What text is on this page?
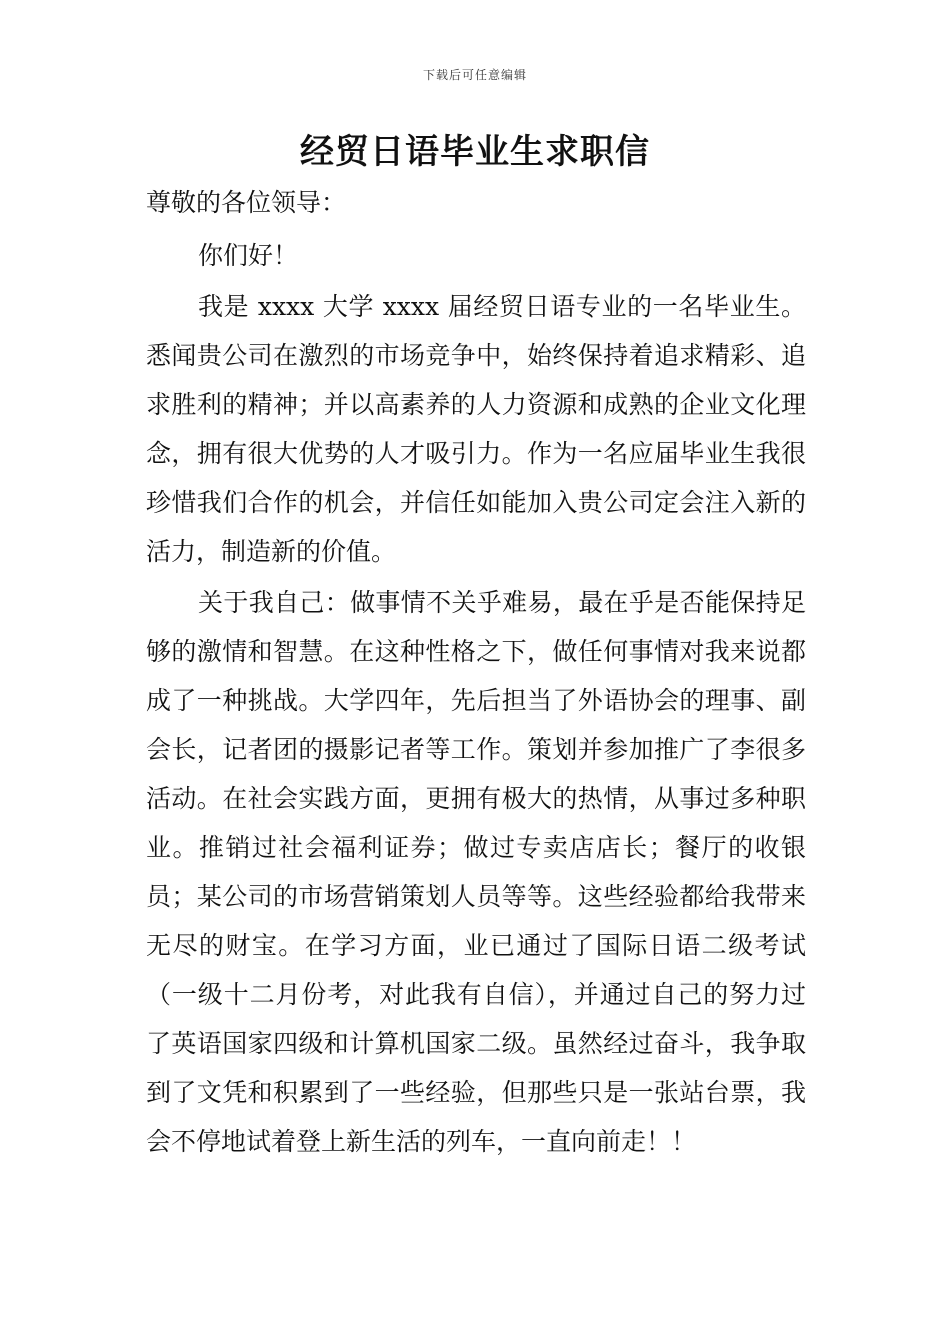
下载后可任意编辑
经贸日语毕业生求职信

尊敬的各位领导：

你们好！

我是 xxxx 大学 xxxx 届经贸日语专业的一名毕业生。悉闻贵公司在激烈的市场竞争中，始终保持着追求精彩、追求胜利的精神；并以高素养的人力资源和成熟的企业文化理念，拥有很大优势的人才吸引力。作为一名应届毕业生我很珍惜我们合作的机会，并信任如能加入贵公司定会注入新的活力，制造新的价值。

关于我自己：做事情不关乎难易，最在乎是否能保持足够的激情和智慧。在这种性格之下，做任何事情对我来说都成了一种挑战。大学四年，先后担当了外语协会的理事、副会长，记者团的摄影记者等工作。策划并参加推广了李很多活动。在社会实践方面，更拥有极大的热情，从事过多种职业。推销过社会福利证券；做过专卖店店长；餐厅的收银员；某公司的市场营销策划人员等等。这些经验都给我带来无尽的财宝。在学习方面，业已通过了国际日语二级考试（一级十二月份考，对此我有自信），并通过自己的努力过了英语国家四级和计算机国家二级。虽然经过奋斗，我争取到了文凭和积累到了一些经验，但那些只是一张站台票，我会不停地试着登上新生活的列车，一直向前走！！
